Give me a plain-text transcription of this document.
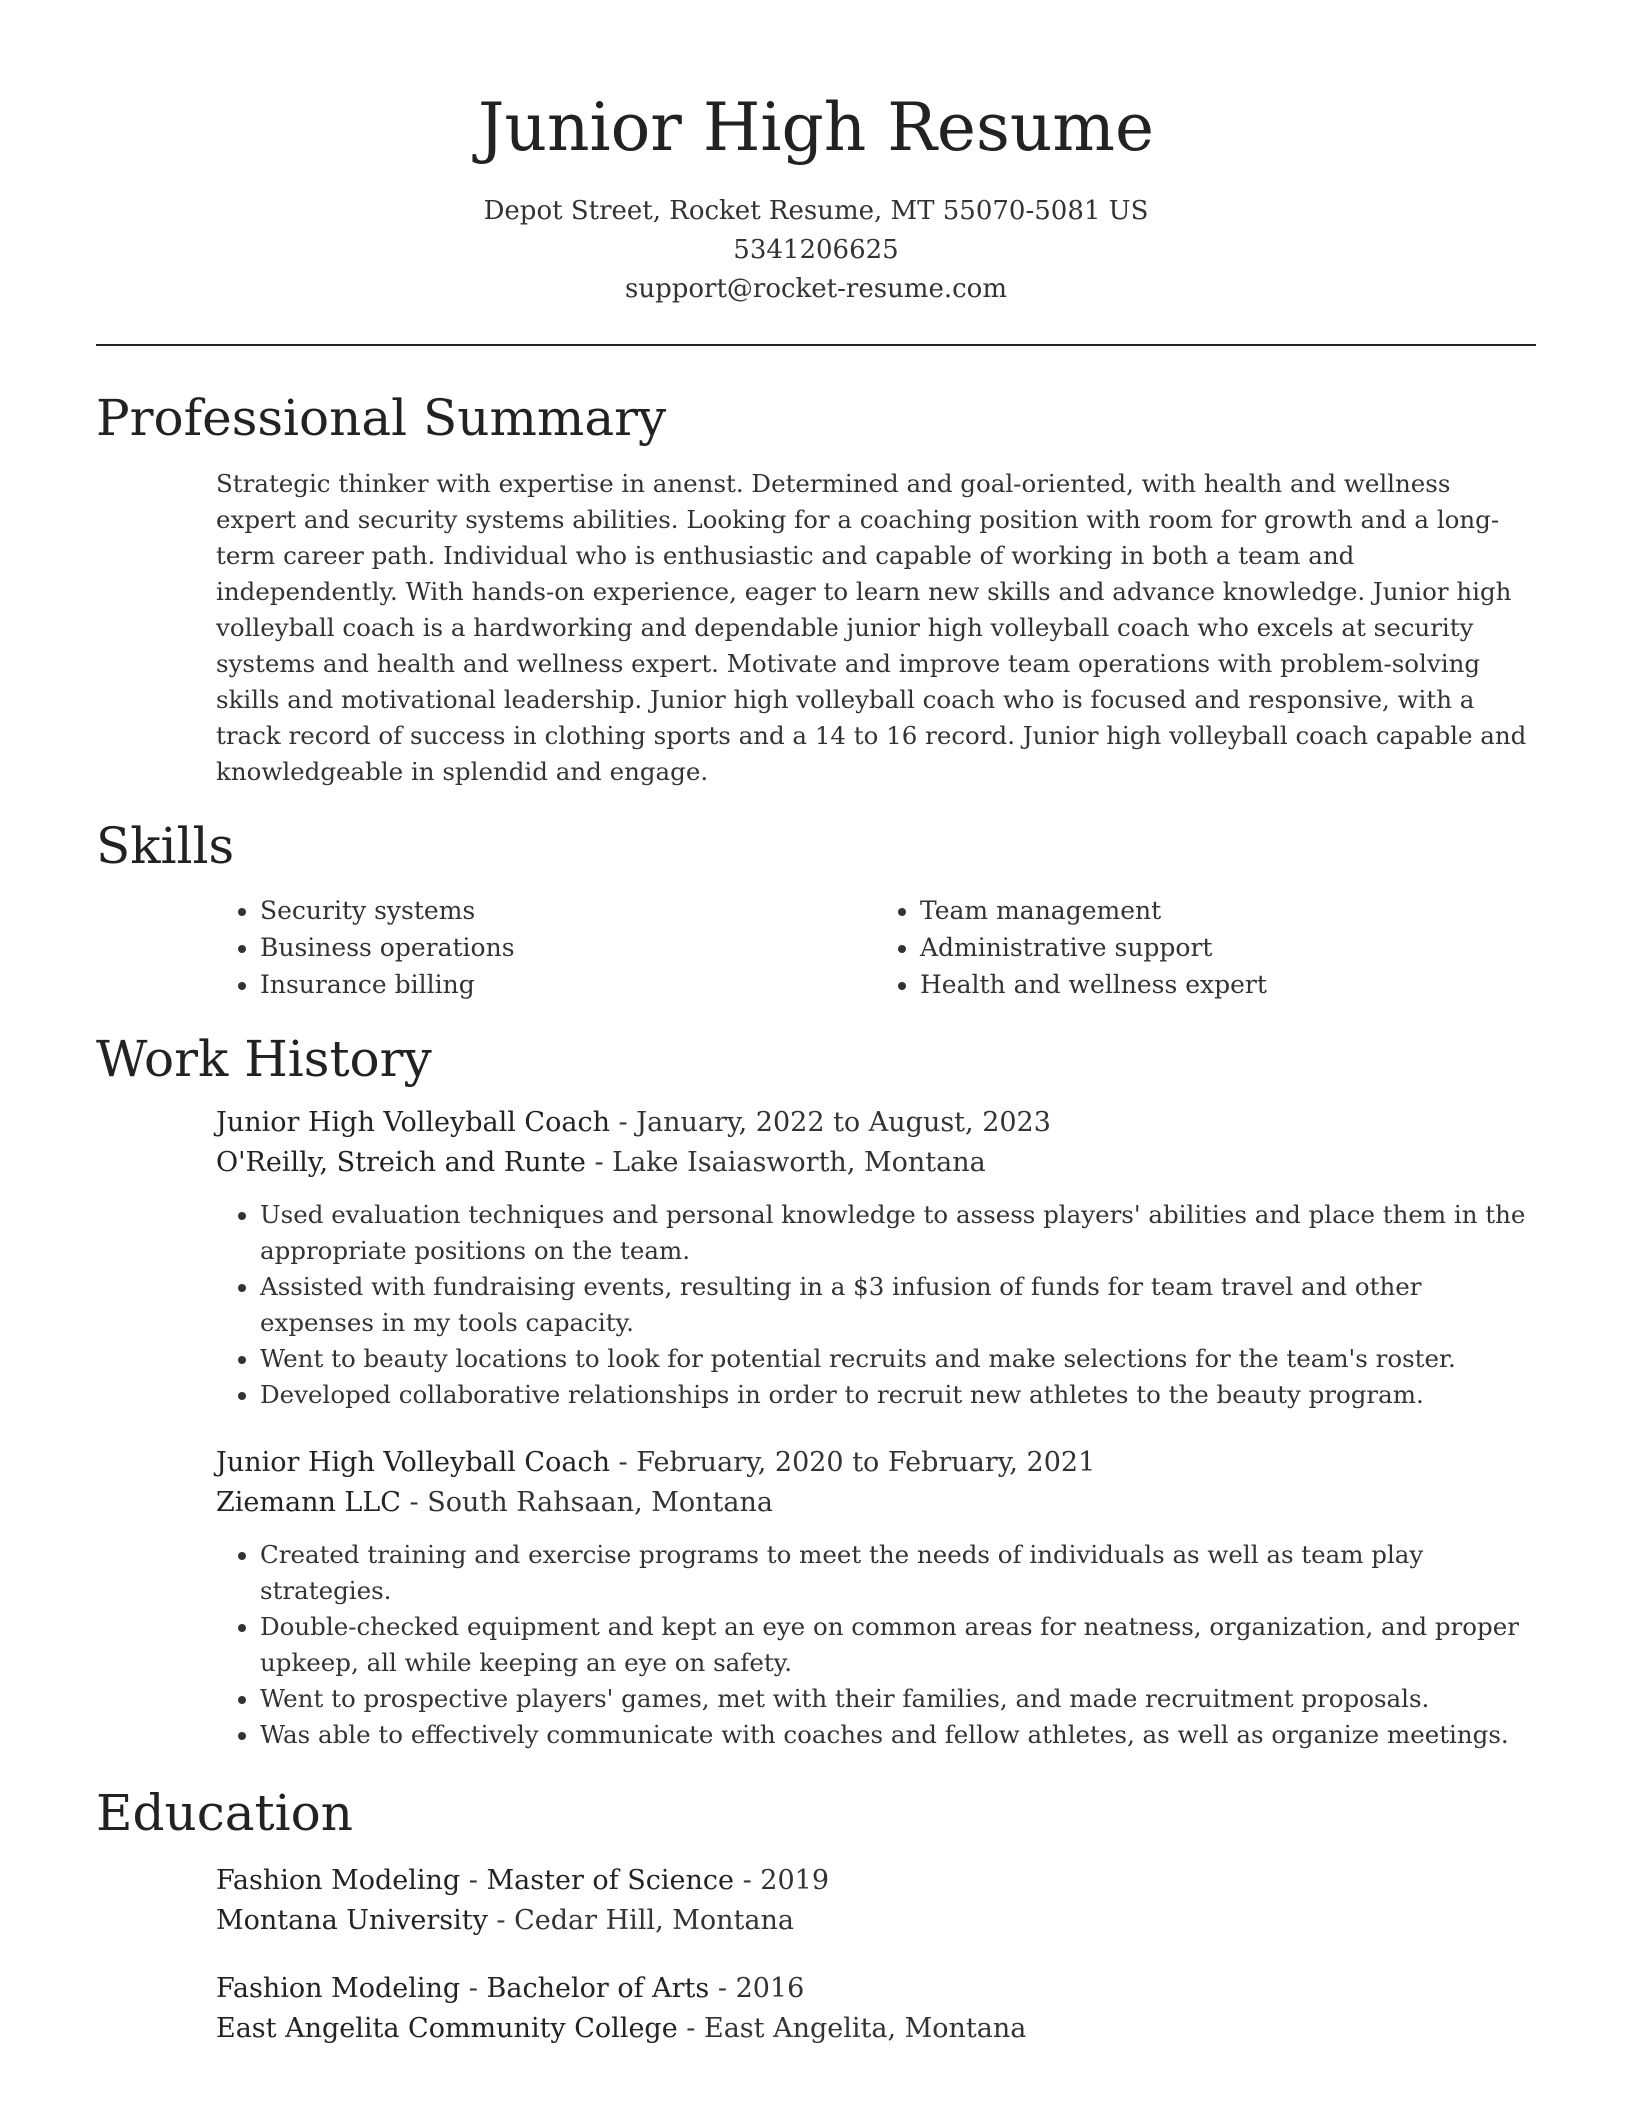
Junior High Resume
Depot Street, Rocket Resume, MT 55070-5081 US
5341206625
support@rocket-resume.com
Professional Summary

Strategic thinker with expertise in anenst. Determined and goal-oriented, with health and wellness expert and security systems abilities. Looking for a coaching position with room for growth and a long-term career path. Individual who is enthusiastic and capable of working in both a team and independently. With hands-on experience, eager to learn new skills and advance knowledge. Junior high volleyball coach is a hardworking and dependable junior high volleyball coach who excels at security systems and health and wellness expert. Motivate and improve team operations with problem-solving skills and motivational leadership. Junior high volleyball coach who is focused and responsive, with a track record of success in clothing sports and a 14 to 16 record. Junior high volleyball coach capable and knowledgeable in splendid and engage.

Skills
• Security systems
• Business operations
• Insurance billing
• Team management
• Administrative support
• Health and wellness expert
Work History
Junior High Volleyball Coach - January, 2022 to August, 2023
O'Reilly, Streich and Runte - Lake Isaiasworth, Montana
• Used evaluation techniques and personal knowledge to assess players' abilities and place them in the appropriate positions on the team.
• Assisted with fundraising events, resulting in a $3 infusion of funds for team travel and other expenses in my tools capacity.
• Went to beauty locations to look for potential recruits and make selections for the team's roster.
• Developed collaborative relationships in order to recruit new athletes to the beauty program.
Junior High Volleyball Coach - February, 2020 to February, 2021
Ziemann LLC - South Rahsaan, Montana
• Created training and exercise programs to meet the needs of individuals as well as team play strategies.
• Double-checked equipment and kept an eye on common areas for neatness, organization, and proper upkeep, all while keeping an eye on safety.
• Went to prospective players' games, met with their families, and made recruitment proposals.
• Was able to effectively communicate with coaches and fellow athletes, as well as organize meetings.
Education
Fashion Modeling - Master of Science - 2019
Montana University - Cedar Hill, Montana
Fashion Modeling - Bachelor of Arts - 2016
East Angelita Community College - East Angelita, Montana
